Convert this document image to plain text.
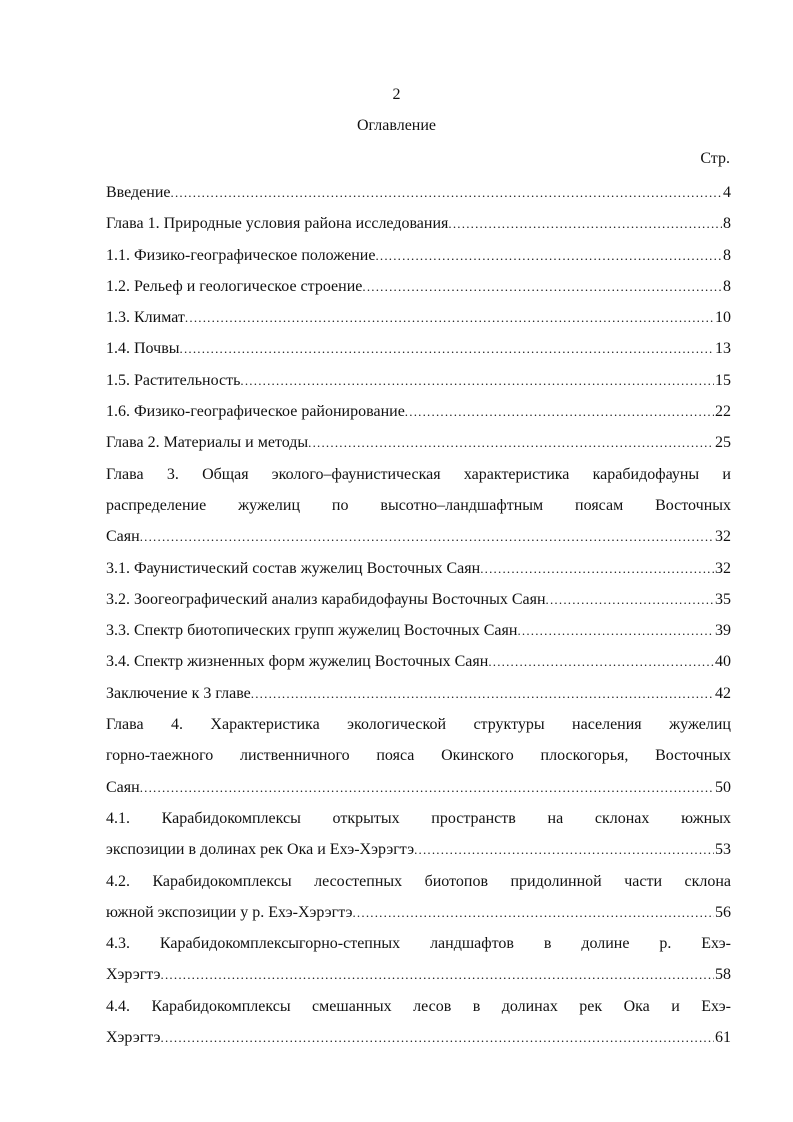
2
Оглавление
Стр.
Введение .....	4
Глава 1. Природные условия района исследования .....	8
1.1. Физико-географическое положение .....	8
1.2. Рельеф и геологическое строение .....	8
1.3. Климат .....	10
1.4. Почвы .....	13
1.5. Растительность .....	15
1.6. Физико-географическое районирование .....	22
Глава 2. Материалы и методы .....	25
Глава 3. Общая эколого–фаунистическая характеристика карабидофауны и
распределение жужелиц по высотно–ландшафтным поясам Восточных
Саян .....	32
3.1. Фаунистический состав жужелиц Восточных Саян .....	32
3.2. Зоогеографический анализ карабидофауны Восточных Саян .....	35
3.3. Спектр биотопических групп жужелиц Восточных Саян .....	39
3.4. Спектр жизненных форм жужелиц Восточных Саян .....	40
Заключение к 3 главе .....	42
Глава 4. Характеристика экологической структуры населения жужелиц
горно-таежного лиственничного пояса Окинского плоскогорья, Восточных
Саян .....	50
4.1. Карабидокомплексы открытых пространств на склонах южных
экспозиции в долинах рек Ока и Ехэ-Хэрэгтэ .....	53
4.2. Карабидокомплексы лесостепных биотопов придолинной части склона
южной экспозиции у р. Ехэ-Хэрэгтэ .....	56
4.3. Карабидокомплексыгорно-степных ландшафтов в долине р. Ехэ-
Хэрэгтэ .....	58
4.4. Карабидокомплексы смешанных лесов в долинах рек Ока и Ехэ-
Хэрэгтэ .....	61
